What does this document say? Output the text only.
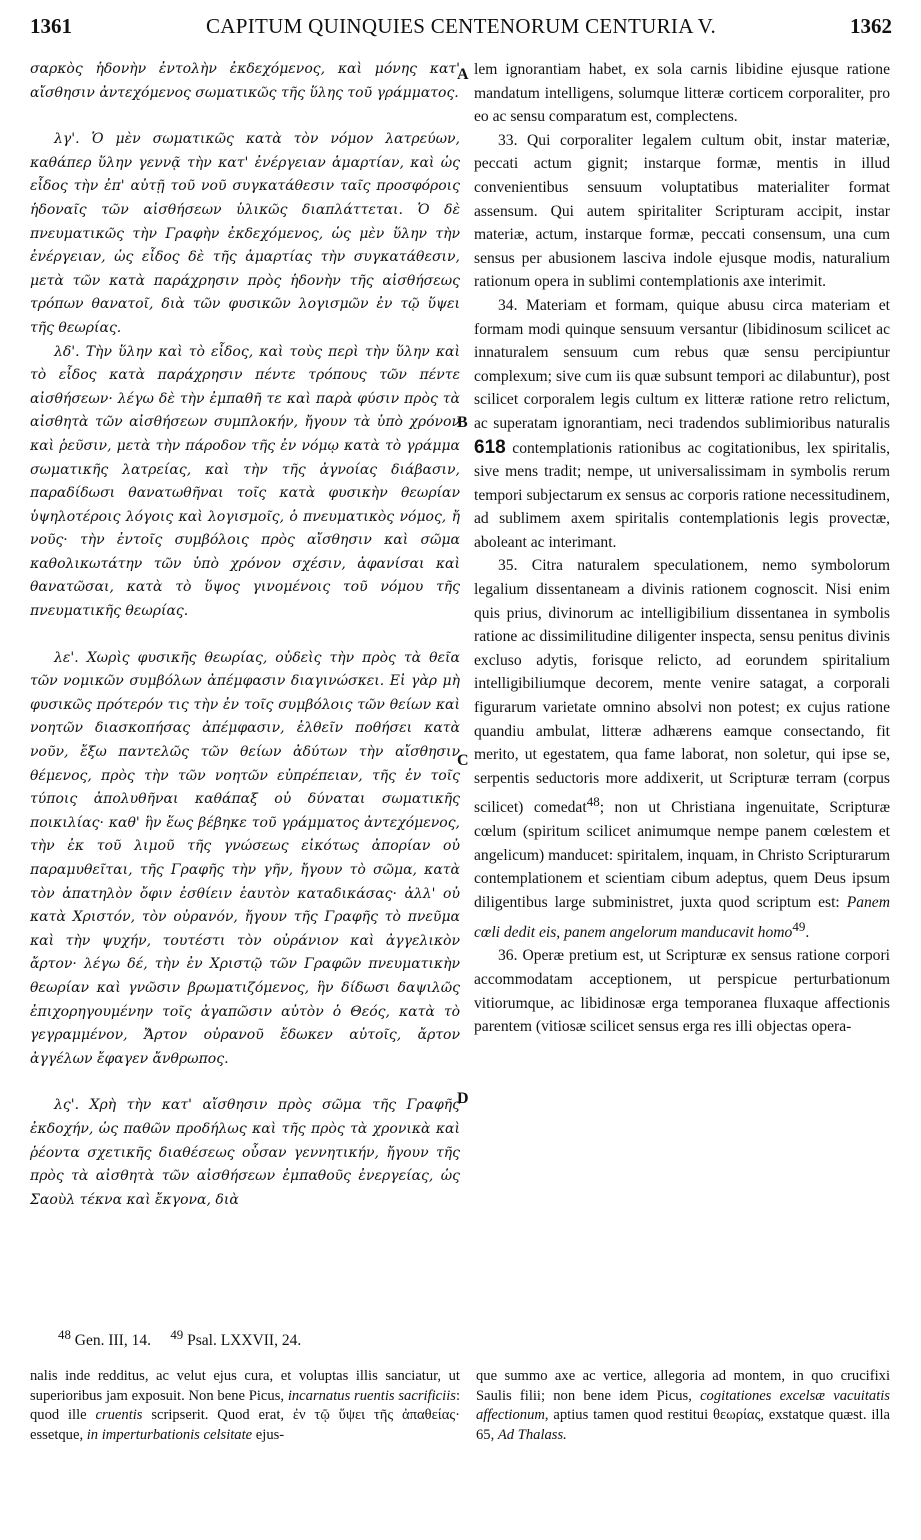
1361	CAPITUM QUINQUIES CENTENORUM CENTURIA V.	1362
A
B
C
D

σαρκὸς ἡδονὴν ἐντολὴν ἐκδεχόμενος, καὶ μόνης κατ' αἴσθησιν ἀντεχόμενος σωματικῶς τῆς ὕλης τοῦ γράμματος.

λγ'. Ὁ μὲν σωματικῶς κατὰ τὸν νόμον λατρεύων, καθάπερ ὕλην γεννᾷ τὴν κατ' ἐνέργειαν ἁμαρτίαν, καὶ ὡς εἶδος τὴν ἐπ' αὐτῇ τοῦ νοῦ συγκατάθεσιν ταῖς προσφόροις ἡδοναῖς τῶν αἰσθήσεων ὑλικῶς διαπλάττεται. Ὁ δὲ πνευματικῶς τὴν Γραφὴν ἐκδεχόμενος, ὡς μὲν ὕλην τὴν ἐνέργειαν, ὡς εἶδος δὲ τῆς ἁμαρτίας τὴν συγκατάθεσιν, μετὰ τῶν κατὰ παράχρησιν πρὸς ἡδονὴν τῆς αἰσθήσεως τρόπων θανατοῖ, διὰ τῶν φυσικῶν λογισμῶν ἐν τῷ ὕψει τῆς θεωρίας.

λδ'. Τὴν ὕλην καὶ τὸ εἶδος, καὶ τοὺς περὶ τὴν ὕλην καὶ τὸ εἶδος κατὰ παράχρησιν πέντε τρόπους τῶν πέντε αἰσθήσεων· λέγω δὲ τὴν ἐμπαθῆ τε καὶ παρὰ φύσιν πρὸς τὰ αἰσθητὰ τῶν αἰσθήσεων συμπλοκήν, ἤγουν τὰ ὑπὸ χρόνον καὶ ῥεῦσιν, μετὰ τὴν πάροδον τῆς ἐν νόμῳ κατὰ τὸ γράμμα σωματικῆς λατρείας, καὶ τὴν τῆς ἀγνοίας διάβασιν, παραδίδωσι θανατωθῆναι τοῖς κατὰ φυσικὴν θεωρίαν ὑψηλοτέροις λόγοις καὶ λογισμοῖς, ὁ πνευματικὸς νόμος, ἤ νοῦς· τὴν ἐντοῖς συμβόλοις πρὸς αἴσθησιν καὶ σῶμα καθολικωτάτην τῶν ὑπὸ χρόνον σχέσιν, ἀφανίσαι καὶ θανατῶσαι, κατὰ τὸ ὕψος γινομένοις τοῦ νόμου τῆς πνευματικῆς θεωρίας.

λε'. Χωρὶς φυσικῆς θεωρίας, οὐδεὶς τὴν πρὸς τὰ θεῖα τῶν νομικῶν συμβόλων ἀπέμφασιν διαγινώσκει. Εἰ γὰρ μὴ φυσικῶς πρότερόν τις τὴν ἐν τοῖς συμβόλοις τῶν θείων καὶ νοητῶν διασκοπήσας ἀπέμφασιν, ἐλθεῖν ποθήσει κατὰ νοῦν, ἔξω παντελῶς τῶν θείων ἀδύτων τὴν αἴσθησιν θέμενος, πρὸς τὴν τῶν νοητῶν εὐπρέπειαν, τῆς ἐν τοῖς τύποις ἀπολυθῆναι καθάπαξ οὐ δύναται σωματικῆς ποικιλίας· καθ' ἣν ἕως βέβηκε τοῦ γράμματος ἀντεχόμενος, τὴν ἐκ τοῦ λιμοῦ τῆς γνώσεως εἰκότως ἀπορίαν οὐ παραμυθεῖται, τῆς Γραφῆς τὴν γῆν, ἤγουν τὸ σῶμα, κατὰ τὸν ἀπατηλὸν ὄφιν ἐσθίειν ἑαυτὸν καταδικάσας· ἀλλ' οὐ κατὰ Χριστόν, τὸν οὐρανόν, ἤγουν τῆς Γραφῆς τὸ πνεῦμα καὶ τὴν ψυχήν, τουτέστι τὸν οὐράνιον καὶ ἀγγελικὸν ἄρτον· λέγω δέ, τὴν ἐν Χριστῷ τῶν Γραφῶν πνευματικὴν θεωρίαν καὶ γνῶσιν βρωματιζόμενος, ἣν δίδωσι δαψιλῶς ἐπιχορηγουμένην τοῖς ἀγαπῶσιν αὐτὸν ὁ Θεός, κατὰ τὸ γεγραμμένον, Ἄρτον οὐρανοῦ ἔδωκεν αὐτοῖς, ἄρτον ἀγγέλων ἔφαγεν ἄνθρωπος.

λς'. Χρὴ τὴν κατ' αἴσθησιν πρὸς σῶμα τῆς Γραφῆς ἐκδοχήν, ὡς παθῶν προδήλως καὶ τῆς πρὸς τὰ χρονικὰ καὶ ῥέοντα σχετικῆς διαθέσεως οὖσαν γεννητικήν, ἤγουν τῆς πρὸς τὰ αἰσθητὰ τῶν αἰσθήσεων ἐμπαθοῦς ἐνεργείας, ὡς Σαοὺλ τέκνα καὶ ἔκγονα, διὰ

lem ignorantiam habet, ex sola carnis libidine ejusque ratione mandatum intelligens, solumque litteræ corticem corporaliter, pro eo ac sensu comparatum est, complectens.

33. Qui corporaliter legalem cultum obit, instar materiæ, peccati actum gignit; instarque formæ, mentis in illud convenientibus sensuum voluptatibus materialiter format assensum. Qui autem spiritaliter Scripturam accipit, instar materiæ, actum, instarque formæ, peccati consensum, una cum sensus per abusionem lasciva indole ejusque modis, naturalium rationum opera in sublimi contemplationis axe interimit.

34. Materiam et formam, quique abusu circa materiam et formam modi quinque sensuum versantur (libidinosum scilicet ac innaturalem sensuum cum rebus quæ sensu percipiuntur complexum; sive cum iis quæ subsunt tempori ac dilabuntur), post scilicet corporalem legis cultum ex litteræ ratione retro relictum, ac superatam ignorantiam, neci tradendos sublimioribus naturalis 618 contemplationis rationibus ac cogitationibus, lex spiritalis, sive mens tradit; nempe, ut universalissimam in symbolis rerum tempori subjectarum ex sensus ac corporis ratione necessitudinem, ad sublimem axem spiritalis contemplationis legis provectæ, aboleant ac interimant.

35. Citra naturalem speculationem, nemo symbolorum legalium dissentaneam a divinis rationem cognoscit. Nisi enim quis prius, divinorum ac intelligibilium dissentanea in symbolis ratione ac dissimilitudine diligenter inspecta, sensu penitus divinis excluso adytis, forisque relicto, ad eorundem spiritalium intelligibiliumque decorem, mente venire satagat, a corporali figurarum varietate omnino absolvi non potest; ex cujus ratione quandiu ambulat, litteræ adhærens eamque consectando, fit merito, ut egestatem, qua fame laborat, non soletur, qui ipse se, serpentis seductoris more addixerit, ut Scripturæ terram (corpus scilicet) comedat$^{48}$; non ut Christiana ingenuitate, Scripturæ cœlum (spiritum scilicet animumque nempe panem cœlestem et angelicum) manducet: spiritalem, inquam, in Christo Scripturarum contemplationem et scientiam cibum adeptus, quem Deus ipsum diligentibus large subministret, juxta quod scriptum est: Panem cœli dedit eis, panem angelorum manducavit homo$^{49}$.

36. Operæ pretium est, ut Scripturæ ex sensus ratione corpori accommodatam acceptionem, ut perspicue perturbationum vitiorumque, ac libidinosæ erga temporanea fluxaque affectionis parentem (vitiosæ scilicet sensus erga res illi objectas opera-

$^{48}$ Gen. III, 14. $^{49}$ Psal. LXXVII, 24.
nalis inde redditus, ac velut ejus cura, et voluptas illis sanciatur, ut superioribus jam exposuit. Non bene Picus, incarnatus ruentis sacrificiis: quod ille cruentis scripserit. Quod erat, ἐν τῷ ὕψει τῆς ἀπαθείας· essetque, in imperturbationis celsitate ejus-
que summo axe ac vertice, allegoria ad montem, in quo crucifixi Saulis filii; non bene idem Picus, cogitationes excelsæ vacuitatis affectionum, aptius tamen quod restitui θεωρίας, exstatque quæst. illa 65, Ad Thalass.
